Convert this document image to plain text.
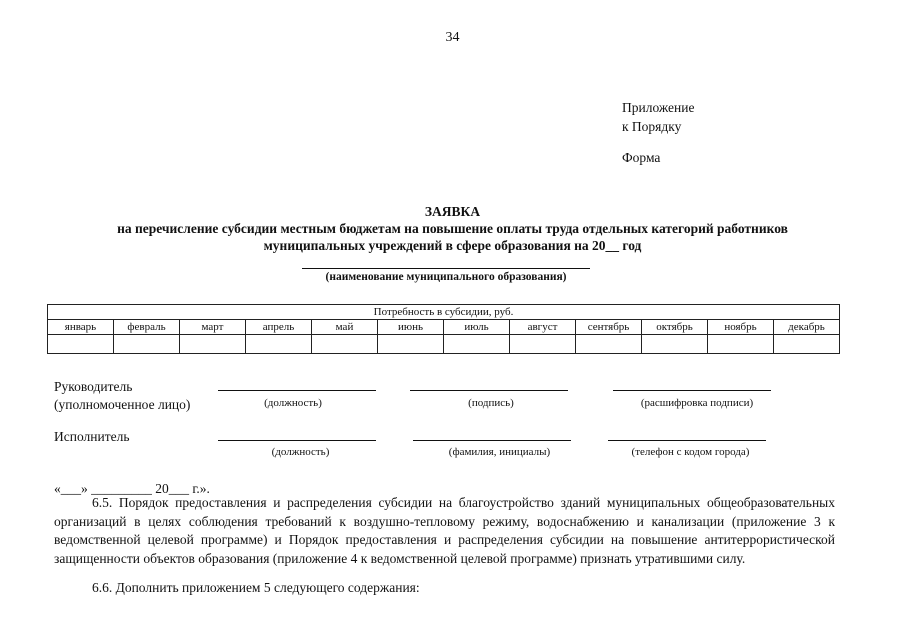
34
Приложение
к Порядку
Форма
ЗАЯВКА
на перечисление субсидии местным бюджетам на повышение оплаты труда отдельных категорий работников
муниципальных учреждений в сфере образования на 20__ год
(наименование муниципального образования)
Потребность в субсидии, руб.											
январь	февраль	март	апрель	май	июнь	июль	август	сентябрь	октябрь	ноябрь	декабрь

Руководитель
(уполномоченное лицо)	(должность)	(подпись)	(расшифровка подписи)
Исполнитель
(должность)	(фамилия, инициалы)	(телефон с кодом города)
«___» _________ 20___ г.».
6.5. Порядок предоставления и распределения субсидии на благоустройство зданий муниципальных общеобразовательных организаций в целях соблюдения требований к воздушно-тепловому режиму, водоснабжению и канализации (приложение 3 к ведомственной целевой программе) и Порядок предоставления и распределения субсидии на повышение антитеррористической защищенности объектов образования (приложение 4 к ведомственной целевой программе) признать утратившими силу.
6.6. Дополнить приложением 5 следующего содержания:
